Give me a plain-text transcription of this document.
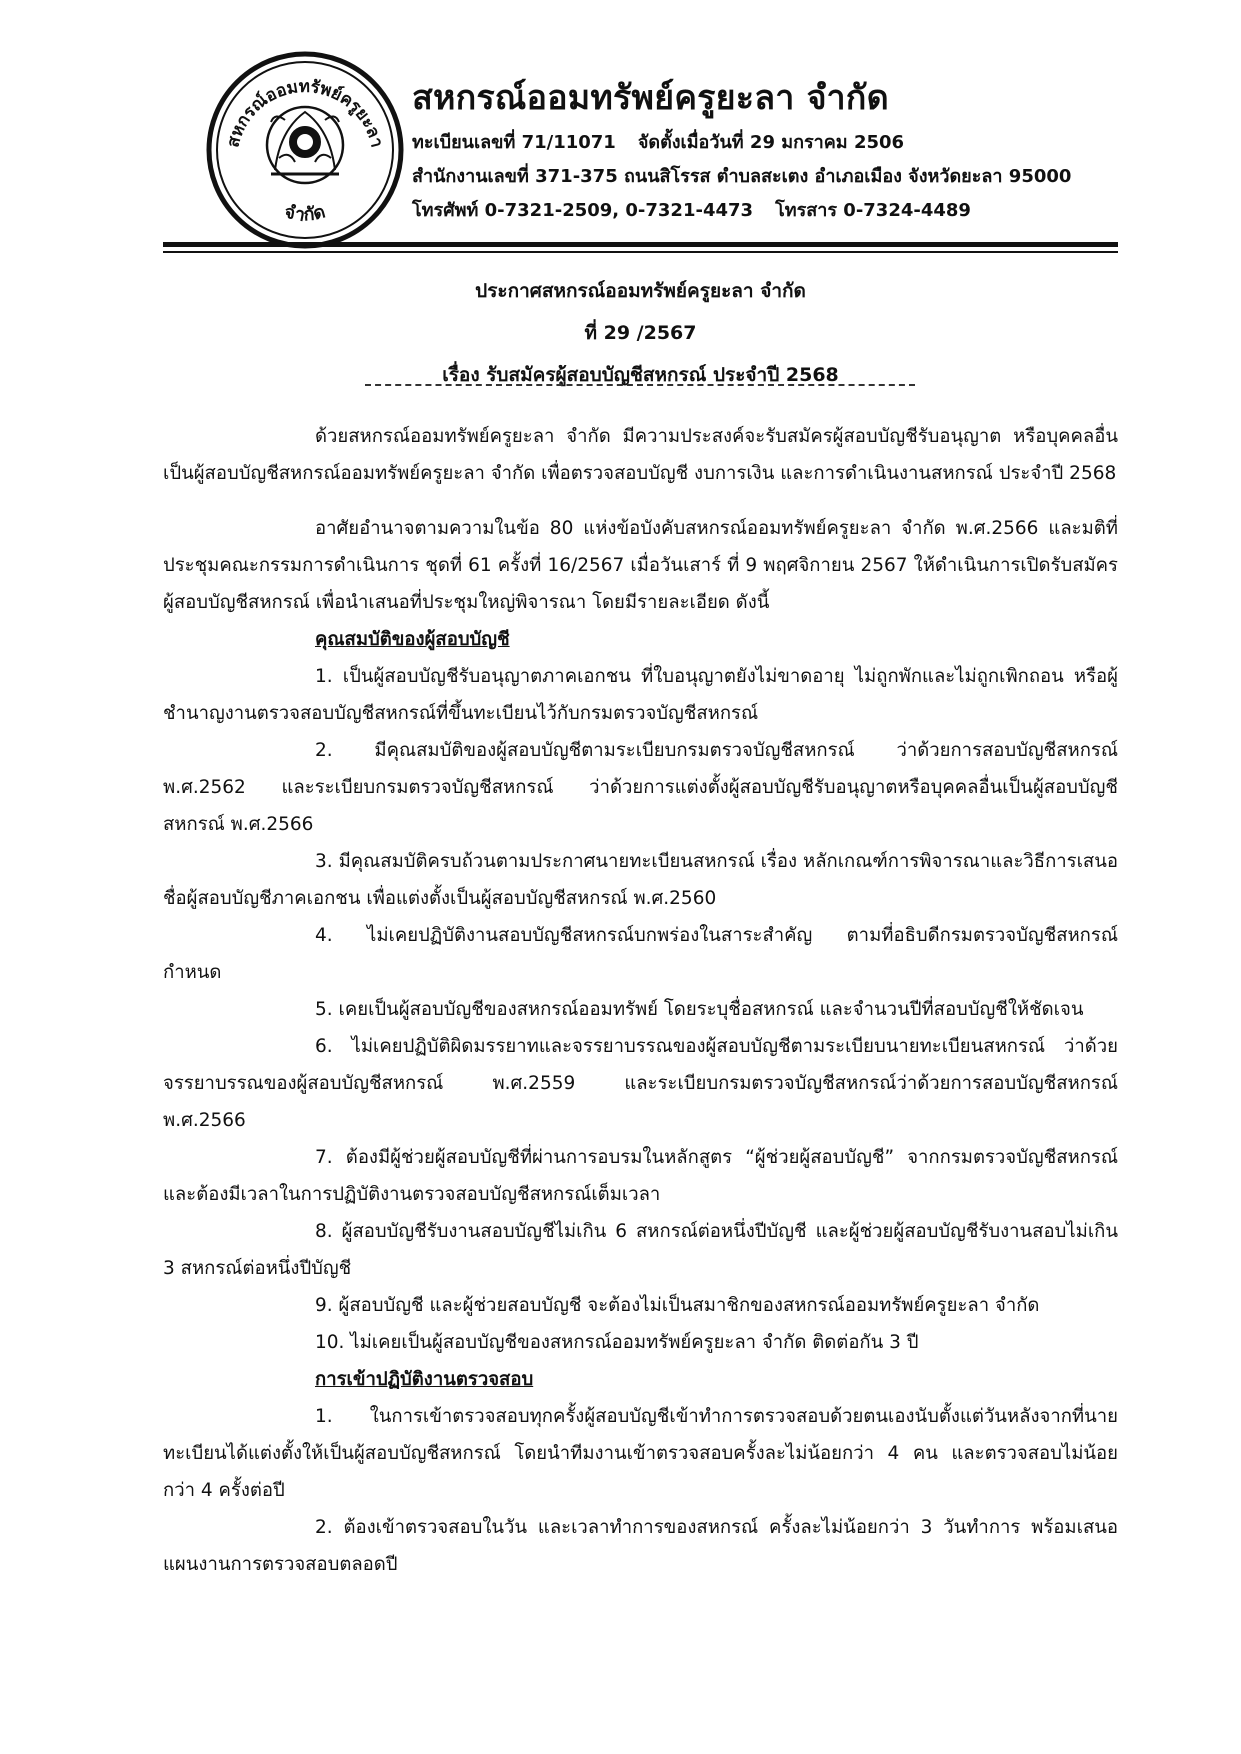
สหกรณ์ออมทรัพย์ครูยะลา
จำกัด
สหกรณ์ออมทรัพย์ครูยะลา จำกัด
ทะเบียนเลขที่ 71/11071 จัดตั้งเมื่อวันที่ 29 มกราคม 2506
สำนักงานเลขที่ 371-375 ถนนสิโรรส ตำบลสะเตง อำเภอเมือง จังหวัดยะลา 95000
โทรศัพท์ 0-7321-2509, 0-7321-4473 โทรสาร 0-7324-4489
ประกาศสหกรณ์ออมทรัพย์ครูยะลา จำกัด
ที่ 29 /2567
เรื่อง รับสมัครผู้สอบบัญชีสหกรณ์ ประจำปี 2568

ด้วยสหกรณ์ออมทรัพย์ครูยะลา จำกัด มีความประสงค์จะรับสมัครผู้สอบบัญชีรับอนุญาต หรือบุคคลอื่น เป็นผู้สอบบัญชีสหกรณ์ออมทรัพย์ครูยะลา จำกัด เพื่อตรวจสอบบัญชี งบการเงิน และการดำเนินงานสหกรณ์ ประจำปี 2568

อาศัยอำนาจตามความในข้อ 80 แห่งข้อบังคับสหกรณ์ออมทรัพย์ครูยะลา จำกัด พ.ศ.2566 และมติที่ประชุมคณะกรรมการดำเนินการ ชุดที่ 61 ครั้งที่ 16/2567 เมื่อวันเสาร์ ที่ 9 พฤศจิกายน 2567 ให้ดำเนินการเปิดรับสมัครผู้สอบบัญชีสหกรณ์ เพื่อนำเสนอที่ประชุมใหญ่พิจารณา โดยมีรายละเอียด ดังนี้

คุณสมบัติของผู้สอบบัญชี

1. เป็นผู้สอบบัญชีรับอนุญาตภาคเอกชน ที่ใบอนุญาตยังไม่ขาดอายุ ไม่ถูกพักและไม่ถูกเพิกถอน หรือผู้ชำนาญงานตรวจสอบบัญชีสหกรณ์ที่ขึ้นทะเบียนไว้กับกรมตรวจบัญชีสหกรณ์

2. มีคุณสมบัติของผู้สอบบัญชีตามระเบียบกรมตรวจบัญชีสหกรณ์ ว่าด้วยการสอบบัญชีสหกรณ์ พ.ศ.2562 และระเบียบกรมตรวจบัญชีสหกรณ์ ว่าด้วยการแต่งตั้งผู้สอบบัญชีรับอนุญาตหรือบุคคลอื่นเป็นผู้สอบบัญชีสหกรณ์ พ.ศ.2566

3. มีคุณสมบัติครบถ้วนตามประกาศนายทะเบียนสหกรณ์ เรื่อง หลักเกณฑ์การพิจารณาและวิธีการเสนอชื่อผู้สอบบัญชีภาคเอกชน เพื่อแต่งตั้งเป็นผู้สอบบัญชีสหกรณ์ พ.ศ.2560

4. ไม่เคยปฏิบัติงานสอบบัญชีสหกรณ์บกพร่องในสาระสำคัญ ตามที่อธิบดีกรมตรวจบัญชีสหกรณ์กำหนด

5. เคยเป็นผู้สอบบัญชีของสหกรณ์ออมทรัพย์ โดยระบุชื่อสหกรณ์ และจำนวนปีที่สอบบัญชีให้ชัดเจน

6. ไม่เคยปฏิบัติผิดมรรยาทและจรรยาบรรณของผู้สอบบัญชีตามระเบียบนายทะเบียนสหกรณ์ ว่าด้วยจรรยาบรรณของผู้สอบบัญชีสหกรณ์ พ.ศ.2559 และระเบียบกรมตรวจบัญชีสหกรณ์ว่าด้วยการสอบบัญชีสหกรณ์ พ.ศ.2566

7. ต้องมีผู้ช่วยผู้สอบบัญชีที่ผ่านการอบรมในหลักสูตร “ผู้ช่วยผู้สอบบัญชี” จากกรมตรวจบัญชีสหกรณ์ และต้องมีเวลาในการปฏิบัติงานตรวจสอบบัญชีสหกรณ์เต็มเวลา

8. ผู้สอบบัญชีรับงานสอบบัญชีไม่เกิน 6 สหกรณ์ต่อหนึ่งปีบัญชี และผู้ช่วยผู้สอบบัญชีรับงานสอบไม่เกิน 3 สหกรณ์ต่อหนึ่งปีบัญชี

9. ผู้สอบบัญชี และผู้ช่วยสอบบัญชี จะต้องไม่เป็นสมาชิกของสหกรณ์ออมทรัพย์ครูยะลา จำกัด

10. ไม่เคยเป็นผู้สอบบัญชีของสหกรณ์ออมทรัพย์ครูยะลา จำกัด ติดต่อกัน 3 ปี

การเข้าปฏิบัติงานตรวจสอบ

1. ในการเข้าตรวจสอบทุกครั้งผู้สอบบัญชีเข้าทำการตรวจสอบด้วยตนเองนับตั้งแต่วันหลังจากที่นายทะเบียนได้แต่งตั้งให้เป็นผู้สอบบัญชีสหกรณ์ โดยนำทีมงานเข้าตรวจสอบครั้งละไม่น้อยกว่า 4 คน และตรวจสอบไม่น้อยกว่า 4 ครั้งต่อปี

2. ต้องเข้าตรวจสอบในวัน และเวลาทำการของสหกรณ์ ครั้งละไม่น้อยกว่า 3 วันทำการ พร้อมเสนอแผนงานการตรวจสอบตลอดปี
